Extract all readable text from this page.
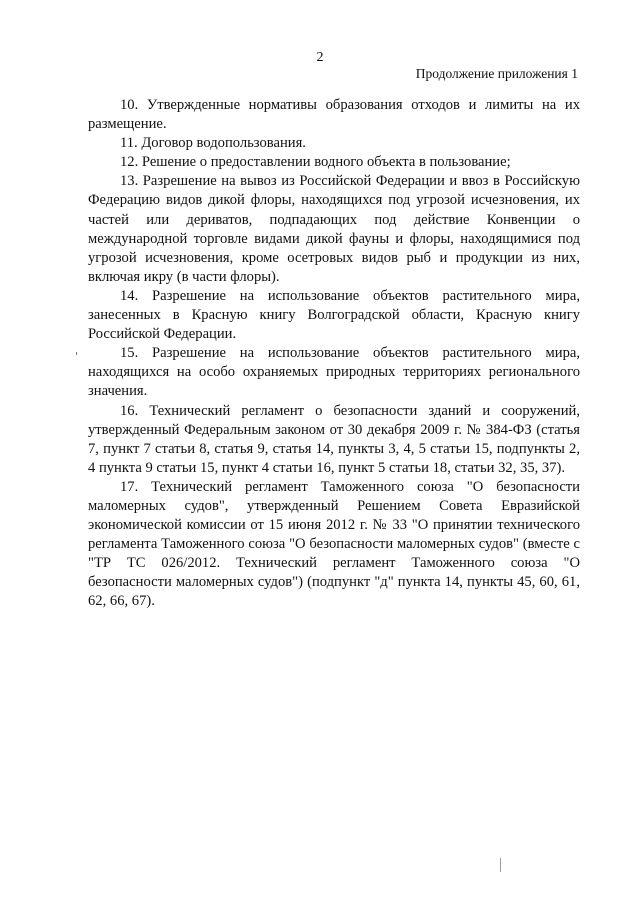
2
Продолжение приложения 1

10. Утвержденные нормативы образования отходов и лимиты на их размещение.

11. Договор водопользования.

12. Решение о предоставлении водного объекта в пользование;

13. Разрешение на вывоз из Российской Федерации и ввоз в Российскую Федерацию видов дикой флоры, находящихся под угрозой исчезновения, их частей или дериватов, подпадающих под действие Конвенции о международной торговле видами дикой фауны и флоры, находящимися под угрозой исчезновения, кроме осетровых видов рыб и продукции из них, включая икру (в части флоры).

14. Разрешение на использование объектов растительного мира, занесенных в Красную книгу Волгоградской области, Красную книгу Российской Федерации.

15. Разрешение на использование объектов растительного мира, находящихся на особо охраняемых природных территориях регионального значения.

16. Технический регламент о безопасности зданий и сооружений, утвержденный Федеральным законом от 30 декабря 2009 г. № 384-ФЗ (статья 7, пункт 7 статьи 8, статья 9, статья 14, пункты 3, 4, 5 статьи 15, подпункты 2, 4 пункта 9 статьи 15, пункт 4 статьи 16, пункт 5 статьи 18, статьи 32, 35, 37).

17. Технический регламент Таможенного союза "О безопасности маломерных судов", утвержденный Решением Совета Евразийской экономической комиссии от 15 июня 2012 г. № 33 "О принятии технического регламента Таможенного союза "О безопасности маломерных судов" (вместе с "ТР ТС 026/2012. Технический регламент Таможенного союза "О безопасности маломерных судов") (подпункт "д" пункта 14, пункты 45, 60, 61, 62, 66, 67).
